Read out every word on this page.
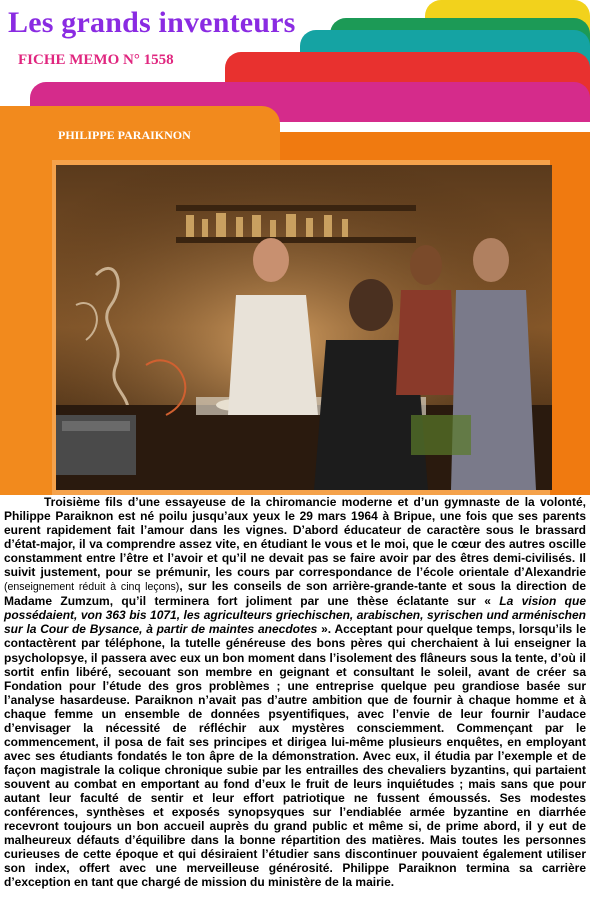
Les grands inventeurs
FICHE MEMO N° 1558
PHILIPPE PARAIKNON

Troisième fils d’une essayeuse de la chiromancie moderne et d’un gymnaste de la volonté, Philippe Paraiknon est né poilu jusqu’aux yeux le 29 mars 1964 à Bripue, une fois que ses parents eurent rapidement fait l’amour dans les vignes. D’abord éducateur de caractère sous le brassard d’état-major, il va comprendre assez vite, en étudiant le vous et le moi, que le cœur des autres oscille constamment entre l’être et l’avoir et qu’il ne devait pas se faire avoir par des êtres demi-civilisés. Il suivit justement, pour se prémunir, les cours par correspondance de l’école orientale d’Alexandrie (enseignement réduit à cinq leçons), sur les conseils de son arrière-grande-tante et sous la direction de Madame Zumzum, qu’il terminera fort joliment par une thèse éclatante sur « La vision que possédaient, von 363 bis 1071, les agriculteurs griechischen, arabischen, syrischen und arménischen sur la Cour de Bysance, à partir de maintes anecdotes ». Acceptant pour quelque temps, lorsqu’ils le contactèrent par téléphone, la tutelle généreuse des bons pères qui cherchaient à lui enseigner la psycholopsye, il passera avec eux un bon moment dans l’isolement des flâneurs sous la tente, d’où il sortit enfin libéré, secouant son membre en geignant et consultant le soleil, avant de créer sa Fondation pour l’étude des gros problèmes ; une entreprise quelque peu grandiose basée sur l’analyse hasardeuse. Paraiknon n’avait pas d’autre ambition que de fournir à chaque homme et à chaque femme un ensemble de données psyentifiques, avec l’envie de leur fournir l’audace d’envisager la nécessité de réfléchir aux mystères consciemment. Commençant par le commencement, il posa de fait ses principes et dirigea lui-même plusieurs enquêtes, en employant avec ses étudiants fondatés le ton âpre de la démonstration. Avec eux, il étudia par l’exemple et de façon magistrale la colique chronique subie par les entrailles des chevaliers byzantins, qui partaient souvent au combat en emportant au fond d’eux le fruit de leurs inquiétudes ; mais sans que pour autant leur faculté de sentir et leur effort patriotique ne fussent émoussés. Ses modestes conférences, synthèses et exposés synopsyques sur l’endiablée armée byzantine en diarrhée recevront toujours un bon accueil auprès du grand public et même si, de prime abord, il y eut de malheureux défauts d’équilibre dans la bonne répartition des matières. Mais toutes les personnes curieuses de cette époque et qui désiraient l’étudier sans discontinuer pouvaient également utiliser son index, offert avec une merveilleuse générosité. Philippe Paraiknon termina sa carrière d’exception en tant que chargé de mission du ministère de la mairie.
